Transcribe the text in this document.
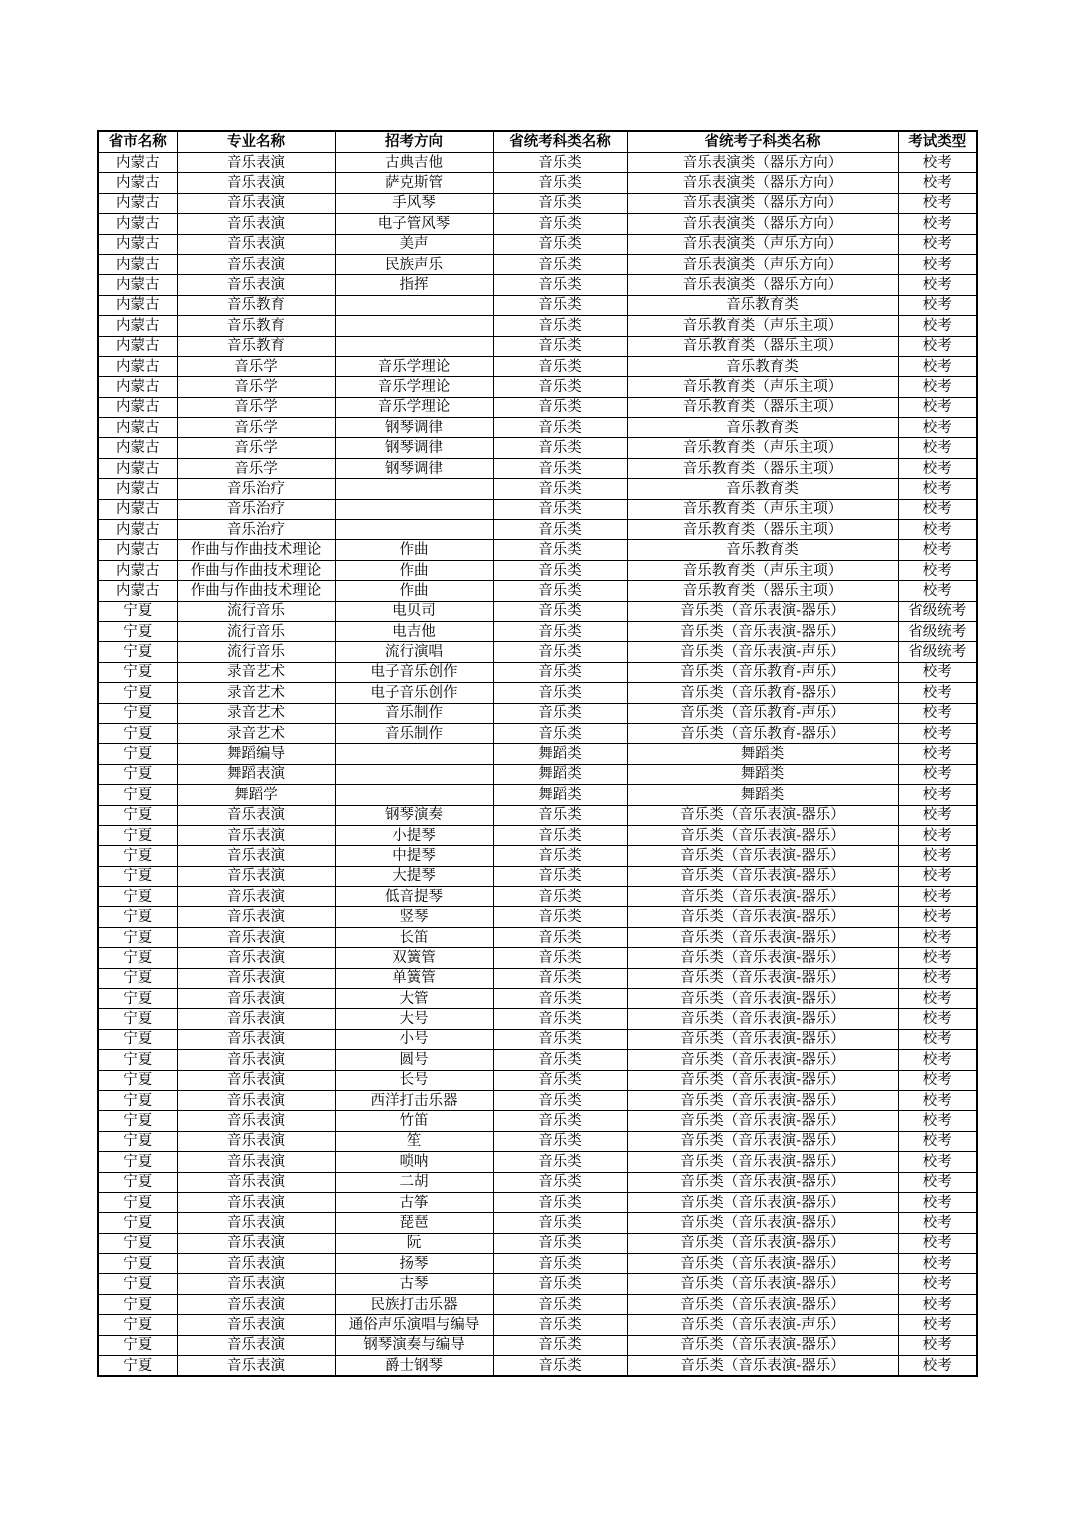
省市名称	专业名称	招考方向	省统考科类名称	省统考子科类名称	考试类型
内蒙古	音乐表演	古典吉他	音乐类	音乐表演类（器乐方向）	校考
内蒙古	音乐表演	萨克斯管	音乐类	音乐表演类（器乐方向）	校考
内蒙古	音乐表演	手风琴	音乐类	音乐表演类（器乐方向）	校考
内蒙古	音乐表演	电子管风琴	音乐类	音乐表演类（器乐方向）	校考
内蒙古	音乐表演	美声	音乐类	音乐表演类（声乐方向）	校考
内蒙古	音乐表演	民族声乐	音乐类	音乐表演类（声乐方向）	校考
内蒙古	音乐表演	指挥	音乐类	音乐表演类（器乐方向）	校考
内蒙古	音乐教育		音乐类	音乐教育类	校考
内蒙古	音乐教育		音乐类	音乐教育类（声乐主项）	校考
内蒙古	音乐教育		音乐类	音乐教育类（器乐主项）	校考
内蒙古	音乐学	音乐学理论	音乐类	音乐教育类	校考
内蒙古	音乐学	音乐学理论	音乐类	音乐教育类（声乐主项）	校考
内蒙古	音乐学	音乐学理论	音乐类	音乐教育类（器乐主项）	校考
内蒙古	音乐学	钢琴调律	音乐类	音乐教育类	校考
内蒙古	音乐学	钢琴调律	音乐类	音乐教育类（声乐主项）	校考
内蒙古	音乐学	钢琴调律	音乐类	音乐教育类（器乐主项）	校考
内蒙古	音乐治疗		音乐类	音乐教育类	校考
内蒙古	音乐治疗		音乐类	音乐教育类（声乐主项）	校考
内蒙古	音乐治疗		音乐类	音乐教育类（器乐主项）	校考
内蒙古	作曲与作曲技术理论	作曲	音乐类	音乐教育类	校考
内蒙古	作曲与作曲技术理论	作曲	音乐类	音乐教育类（声乐主项）	校考
内蒙古	作曲与作曲技术理论	作曲	音乐类	音乐教育类（器乐主项）	校考
宁夏	流行音乐	电贝司	音乐类	音乐类（音乐表演-器乐）	省级统考
宁夏	流行音乐	电吉他	音乐类	音乐类（音乐表演-器乐）	省级统考
宁夏	流行音乐	流行演唱	音乐类	音乐类（音乐表演-声乐）	省级统考
宁夏	录音艺术	电子音乐创作	音乐类	音乐类（音乐教育-声乐）	校考
宁夏	录音艺术	电子音乐创作	音乐类	音乐类（音乐教育-器乐）	校考
宁夏	录音艺术	音乐制作	音乐类	音乐类（音乐教育-声乐）	校考
宁夏	录音艺术	音乐制作	音乐类	音乐类（音乐教育-器乐）	校考
宁夏	舞蹈编导		舞蹈类	舞蹈类	校考
宁夏	舞蹈表演		舞蹈类	舞蹈类	校考
宁夏	舞蹈学		舞蹈类	舞蹈类	校考
宁夏	音乐表演	钢琴演奏	音乐类	音乐类（音乐表演-器乐）	校考
宁夏	音乐表演	小提琴	音乐类	音乐类（音乐表演-器乐）	校考
宁夏	音乐表演	中提琴	音乐类	音乐类（音乐表演-器乐）	校考
宁夏	音乐表演	大提琴	音乐类	音乐类（音乐表演-器乐）	校考
宁夏	音乐表演	低音提琴	音乐类	音乐类（音乐表演-器乐）	校考
宁夏	音乐表演	竖琴	音乐类	音乐类（音乐表演-器乐）	校考
宁夏	音乐表演	长笛	音乐类	音乐类（音乐表演-器乐）	校考
宁夏	音乐表演	双簧管	音乐类	音乐类（音乐表演-器乐）	校考
宁夏	音乐表演	单簧管	音乐类	音乐类（音乐表演-器乐）	校考
宁夏	音乐表演	大管	音乐类	音乐类（音乐表演-器乐）	校考
宁夏	音乐表演	大号	音乐类	音乐类（音乐表演-器乐）	校考
宁夏	音乐表演	小号	音乐类	音乐类（音乐表演-器乐）	校考
宁夏	音乐表演	圆号	音乐类	音乐类（音乐表演-器乐）	校考
宁夏	音乐表演	长号	音乐类	音乐类（音乐表演-器乐）	校考
宁夏	音乐表演	西洋打击乐器	音乐类	音乐类（音乐表演-器乐）	校考
宁夏	音乐表演	竹笛	音乐类	音乐类（音乐表演-器乐）	校考
宁夏	音乐表演	笙	音乐类	音乐类（音乐表演-器乐）	校考
宁夏	音乐表演	唢呐	音乐类	音乐类（音乐表演-器乐）	校考
宁夏	音乐表演	二胡	音乐类	音乐类（音乐表演-器乐）	校考
宁夏	音乐表演	古筝	音乐类	音乐类（音乐表演-器乐）	校考
宁夏	音乐表演	琵琶	音乐类	音乐类（音乐表演-器乐）	校考
宁夏	音乐表演	阮	音乐类	音乐类（音乐表演-器乐）	校考
宁夏	音乐表演	扬琴	音乐类	音乐类（音乐表演-器乐）	校考
宁夏	音乐表演	古琴	音乐类	音乐类（音乐表演-器乐）	校考
宁夏	音乐表演	民族打击乐器	音乐类	音乐类（音乐表演-器乐）	校考
宁夏	音乐表演	通俗声乐演唱与编导	音乐类	音乐类（音乐表演-声乐）	校考
宁夏	音乐表演	钢琴演奏与编导	音乐类	音乐类（音乐表演-器乐）	校考
宁夏	音乐表演	爵士钢琴	音乐类	音乐类（音乐表演-器乐）	校考
